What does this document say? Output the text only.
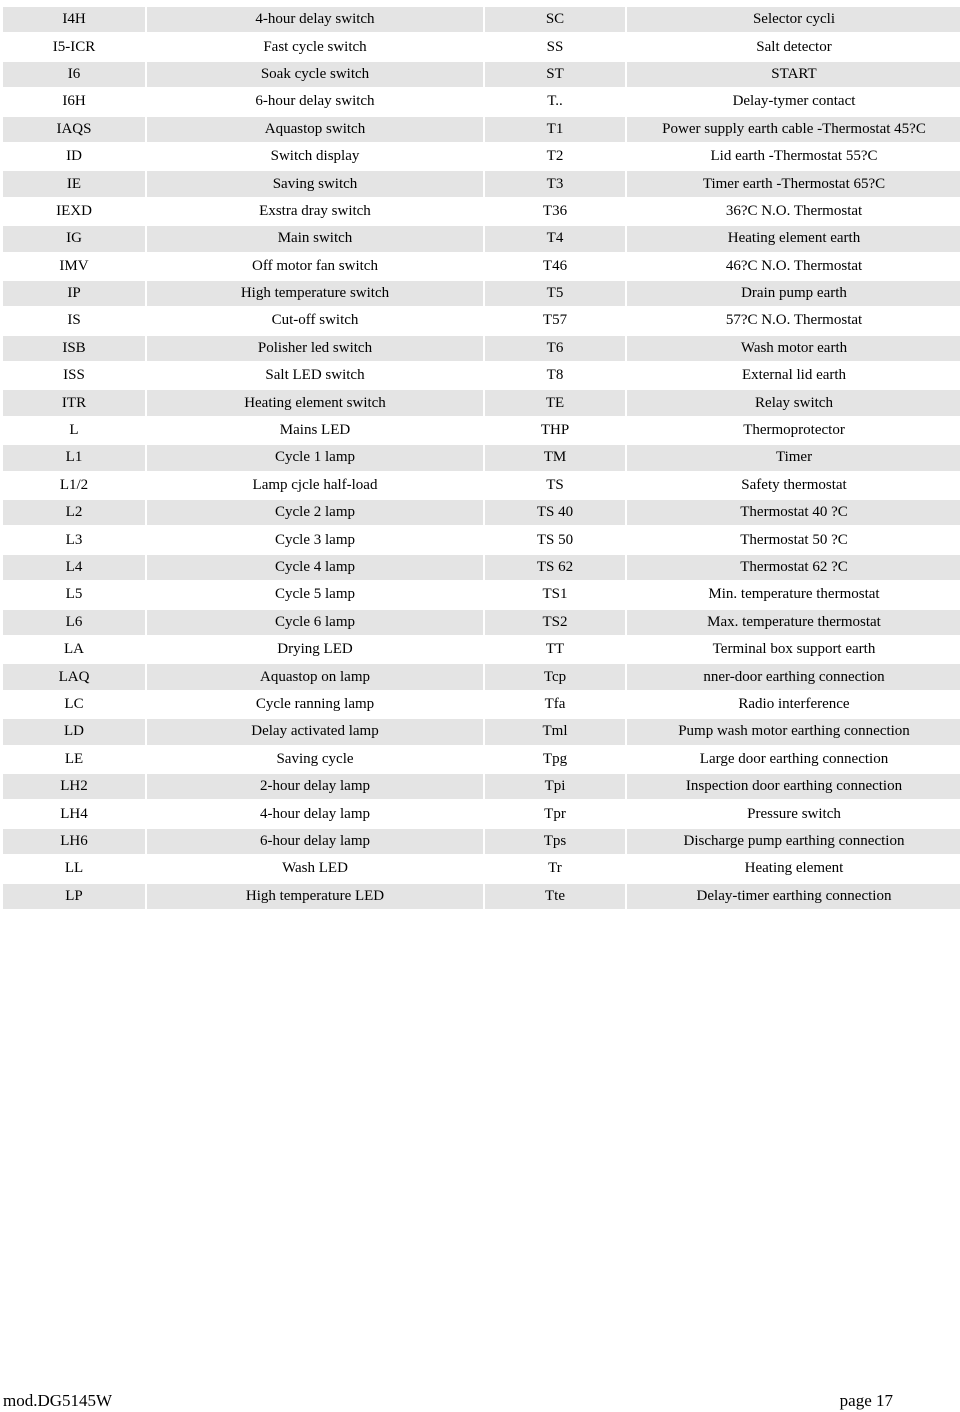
I4H	4-hour delay switch	SC	Selector cycli
I5-ICR	Fast cycle switch	SS	Salt detector
I6	Soak cycle switch	ST	START
I6H	6-hour delay switch	T..	Delay-tymer contact
IAQS	Aquastop switch	T1	Power supply earth cable -Thermostat 45?C
ID	Switch display	T2	Lid earth -Thermostat 55?C
IE	Saving switch	T3	Timer earth -Thermostat 65?C
IEXD	Exstra dray switch	T36	36?C N.O. Thermostat
IG	Main switch	T4	Heating element earth
IMV	Off motor fan switch	T46	46?C N.O. Thermostat
IP	High temperature switch	T5	Drain pump earth
IS	Cut-off switch	T57	57?C N.O. Thermostat
ISB	Polisher led switch	T6	Wash motor earth
ISS	Salt LED switch	T8	External lid earth
ITR	Heating element switch	TE	Relay switch
L	Mains LED	THP	Thermoprotector
L1	Cycle 1 lamp	TM	Timer
L1/2	Lamp cjcle half-load	TS	Safety thermostat
L2	Cycle 2 lamp	TS 40	Thermostat 40 ?C
L3	Cycle 3 lamp	TS 50	Thermostat 50 ?C
L4	Cycle 4 lamp	TS 62	Thermostat 62 ?C
L5	Cycle 5 lamp	TS1	Min. temperature thermostat
L6	Cycle 6 lamp	TS2	Max. temperature thermostat
LA	Drying LED	TT	Terminal box support earth
LAQ	Aquastop on lamp	Tcp	nner-door earthing connection
LC	Cycle ranning lamp	Tfa	Radio interference
LD	Delay activated lamp	Tml	Pump wash motor earthing connection
LE	Saving cycle	Tpg	Large door earthing connection
LH2	2-hour delay lamp	Tpi	Inspection door earthing connection
LH4	4-hour delay lamp	Tpr	Pressure switch
LH6	6-hour delay lamp	Tps	Discharge pump earthing connection
LL	Wash LED	Tr	Heating element
LP	High temperature LED	Tte	Delay-timer earthing connection
mod.DG5145W	page 17
